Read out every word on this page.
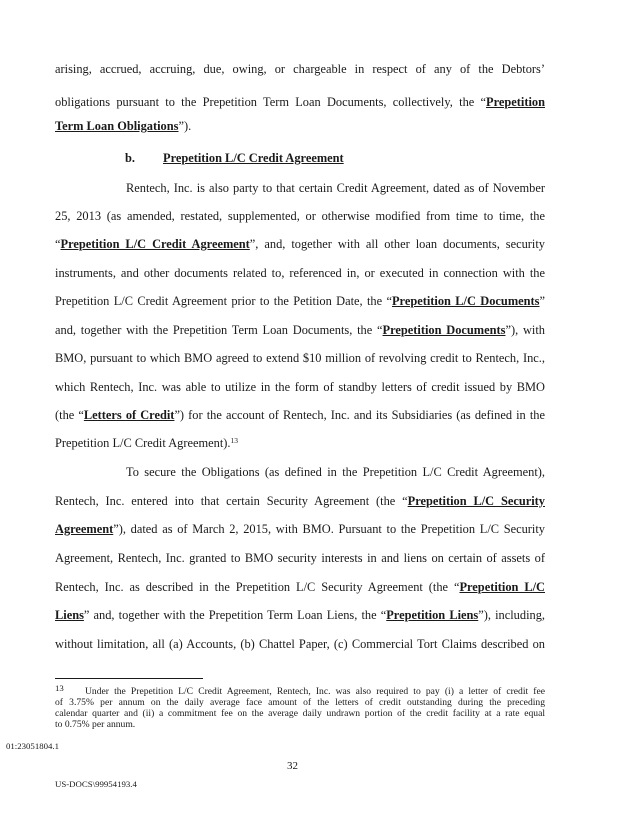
arising, accrued, accruing, due, owing, or chargeable in respect of any of the Debtors’
obligations pursuant to the Prepetition Term Loan Documents, collectively, the “Prepetition
Term Loan Obligations”).
b. Prepetition L/C Credit Agreement
Rentech, Inc. is also party to that certain Credit Agreement, dated as of November
25, 2013 (as amended, restated, supplemented, or otherwise modified from time to time, the
“Prepetition L/C Credit Agreement”, and, together with all other loan documents, security
instruments, and other documents related to, referenced in, or executed in connection with the
Prepetition L/C Credit Agreement prior to the Petition Date, the “Prepetition L/C Documents”
and, together with the Prepetition Term Loan Documents, the “Prepetition Documents”), with
BMO, pursuant to which BMO agreed to extend $10 million of revolving credit to Rentech, Inc.,
which Rentech, Inc. was able to utilize in the form of standby letters of credit issued by BMO
(the “Letters of Credit”) for the account of Rentech, Inc. and its Subsidiaries (as defined in the
Prepetition L/C Credit Agreement).$^{13}$
To secure the Obligations (as defined in the Prepetition L/C Credit Agreement),
Rentech, Inc. entered into that certain Security Agreement (the “Prepetition L/C Security
Agreement”), dated as of March 2, 2015, with BMO. Pursuant to the Prepetition L/C Security
Agreement, Rentech, Inc. granted to BMO security interests in and liens on certain of assets of
Rentech, Inc. as described in the Prepetition L/C Security Agreement (the “Prepetition L/C
Liens” and, together with the Prepetition Term Loan Liens, the “Prepetition Liens”), including,
without limitation, all (a) Accounts, (b) Chattel Paper, (c) Commercial Tort Claims described on
13 Under the Prepetition L/C Credit Agreement, Rentech, Inc. was also required to pay (i) a letter of credit fee
of 3.75% per annum on the daily average face amount of the letters of credit outstanding during the preceding
calendar quarter and (ii) a commitment fee on the average daily undrawn portion of the credit facility at a rate equal
to 0.75% per annum.
01:23051804.1
32
US-DOCS\99954193.4
